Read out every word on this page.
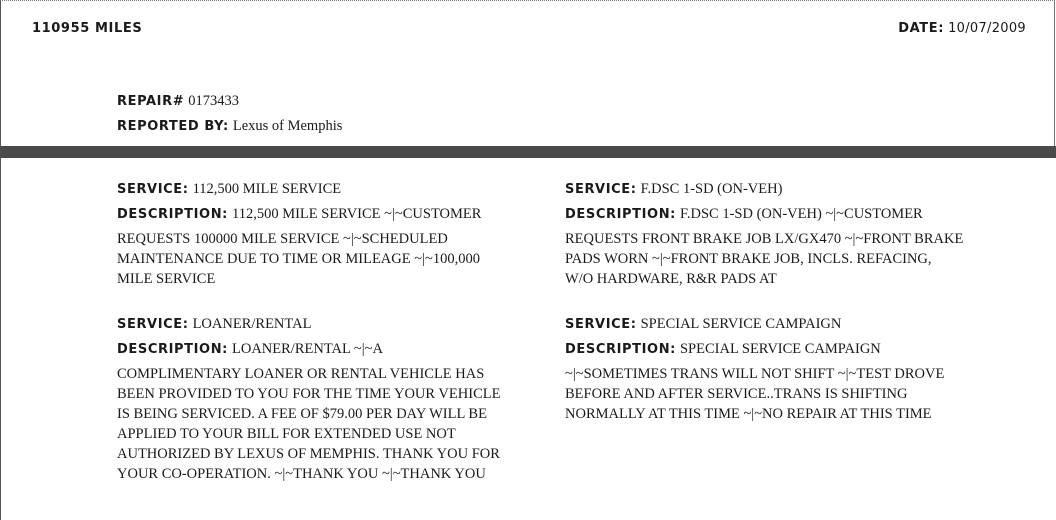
110955 MILES	DATE: 10/07/2009
REPAIR# 0173433
REPORTED BY: Lexus of Memphis
SERVICE: 112,500 MILE SERVICE
DESCRIPTION: 112,500 MILE SERVICE ~|~CUSTOMER
REQUESTS 100000 MILE SERVICE ~|~SCHEDULED
MAINTENANCE DUE TO TIME OR MILEAGE ~|~100,000
MILE SERVICE
SERVICE: F.DSC 1-SD (ON-VEH)
DESCRIPTION: F.DSC 1-SD (ON-VEH) ~|~CUSTOMER
REQUESTS FRONT BRAKE JOB LX/GX470 ~|~FRONT BRAKE
PADS WORN ~|~FRONT BRAKE JOB, INCLS. REFACING,
W/O HARDWARE, R&R PADS AT
SERVICE: LOANER/RENTAL
DESCRIPTION: LOANER/RENTAL ~|~A
COMPLIMENTARY LOANER OR RENTAL VEHICLE HAS
BEEN PROVIDED TO YOU FOR THE TIME YOUR VEHICLE
IS BEING SERVICED. A FEE OF $79.00 PER DAY WILL BE
APPLIED TO YOUR BILL FOR EXTENDED USE NOT
AUTHORIZED BY LEXUS OF MEMPHIS. THANK YOU FOR
YOUR CO-OPERATION. ~|~THANK YOU ~|~THANK YOU
SERVICE: SPECIAL SERVICE CAMPAIGN
DESCRIPTION: SPECIAL SERVICE CAMPAIGN
~|~SOMETIMES TRANS WILL NOT SHIFT ~|~TEST DROVE
BEFORE AND AFTER SERVICE..TRANS IS SHIFTING
NORMALLY AT THIS TIME ~|~NO REPAIR AT THIS TIME
